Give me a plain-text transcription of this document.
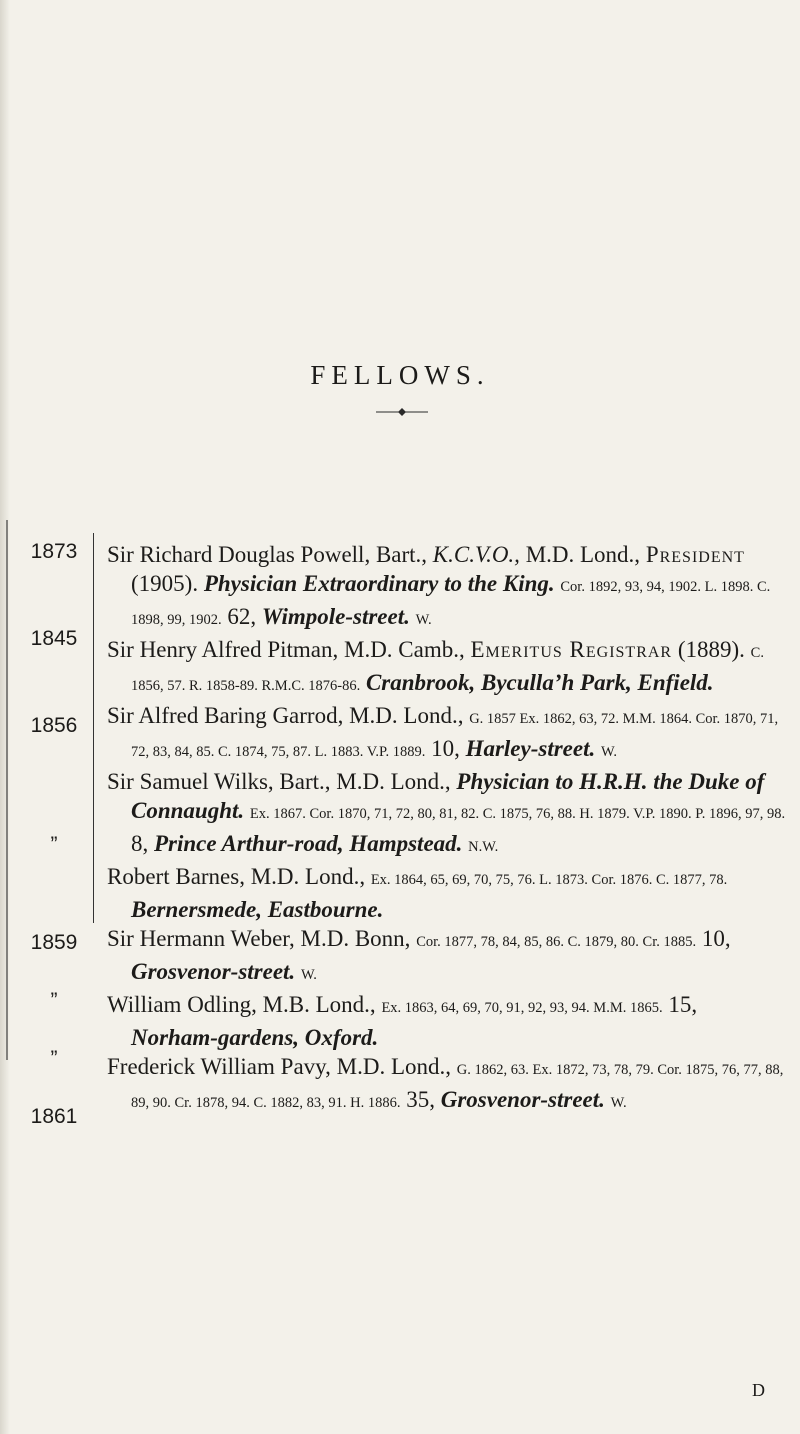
FELLOWS.
1873
1845
1856
”
1859
”
”
1861

Sir Richard Douglas Powell, Bart., K.C.V.O., M.D. Lond., President (1905). Physician Extraordinary to the King. Cor. 1892, 93, 94, 1902. L. 1898. C. 1898, 99, 1902. 62, Wimpole-street. W.

Sir Henry Alfred Pitman, M.D. Camb., Emeritus Registrar (1889). C. 1856, 57. R. 1858-89. R.M.C. 1876-86. Cranbrook, Byculla’h Park, Enfield.

Sir Alfred Baring Garrod, M.D. Lond., G. 1857 Ex. 1862, 63, 72. M.M. 1864. Cor. 1870, 71, 72, 83, 84, 85. C. 1874, 75, 87. L. 1883. V.P. 1889. 10, Harley-street. W.

Sir Samuel Wilks, Bart., M.D. Lond., Physician to H.R.H. the Duke of Connaught. Ex. 1867. Cor. 1870, 71, 72, 80, 81, 82. C. 1875, 76, 88. H. 1879. V.P. 1890. P. 1896, 97, 98. 8, Prince Arthur-road, Hampstead. N.W.

Robert Barnes, M.D. Lond., Ex. 1864, 65, 69, 70, 75, 76. L. 1873. Cor. 1876. C. 1877, 78. Bernersmede, Eastbourne.

Sir Hermann Weber, M.D. Bonn, Cor. 1877, 78, 84, 85, 86. C. 1879, 80. Cr. 1885. 10, Grosvenor-street. W.

William Odling, M.B. Lond., Ex. 1863, 64, 69, 70, 91, 92, 93, 94. M.M. 1865. 15, Norham-gardens, Oxford.

Frederick William Pavy, M.D. Lond., G. 1862, 63. Ex. 1872, 73, 78, 79. Cor. 1875, 76, 77, 88, 89, 90. Cr. 1878, 94. C. 1882, 83, 91. H. 1886. 35, Grosvenor-street. W.

D
